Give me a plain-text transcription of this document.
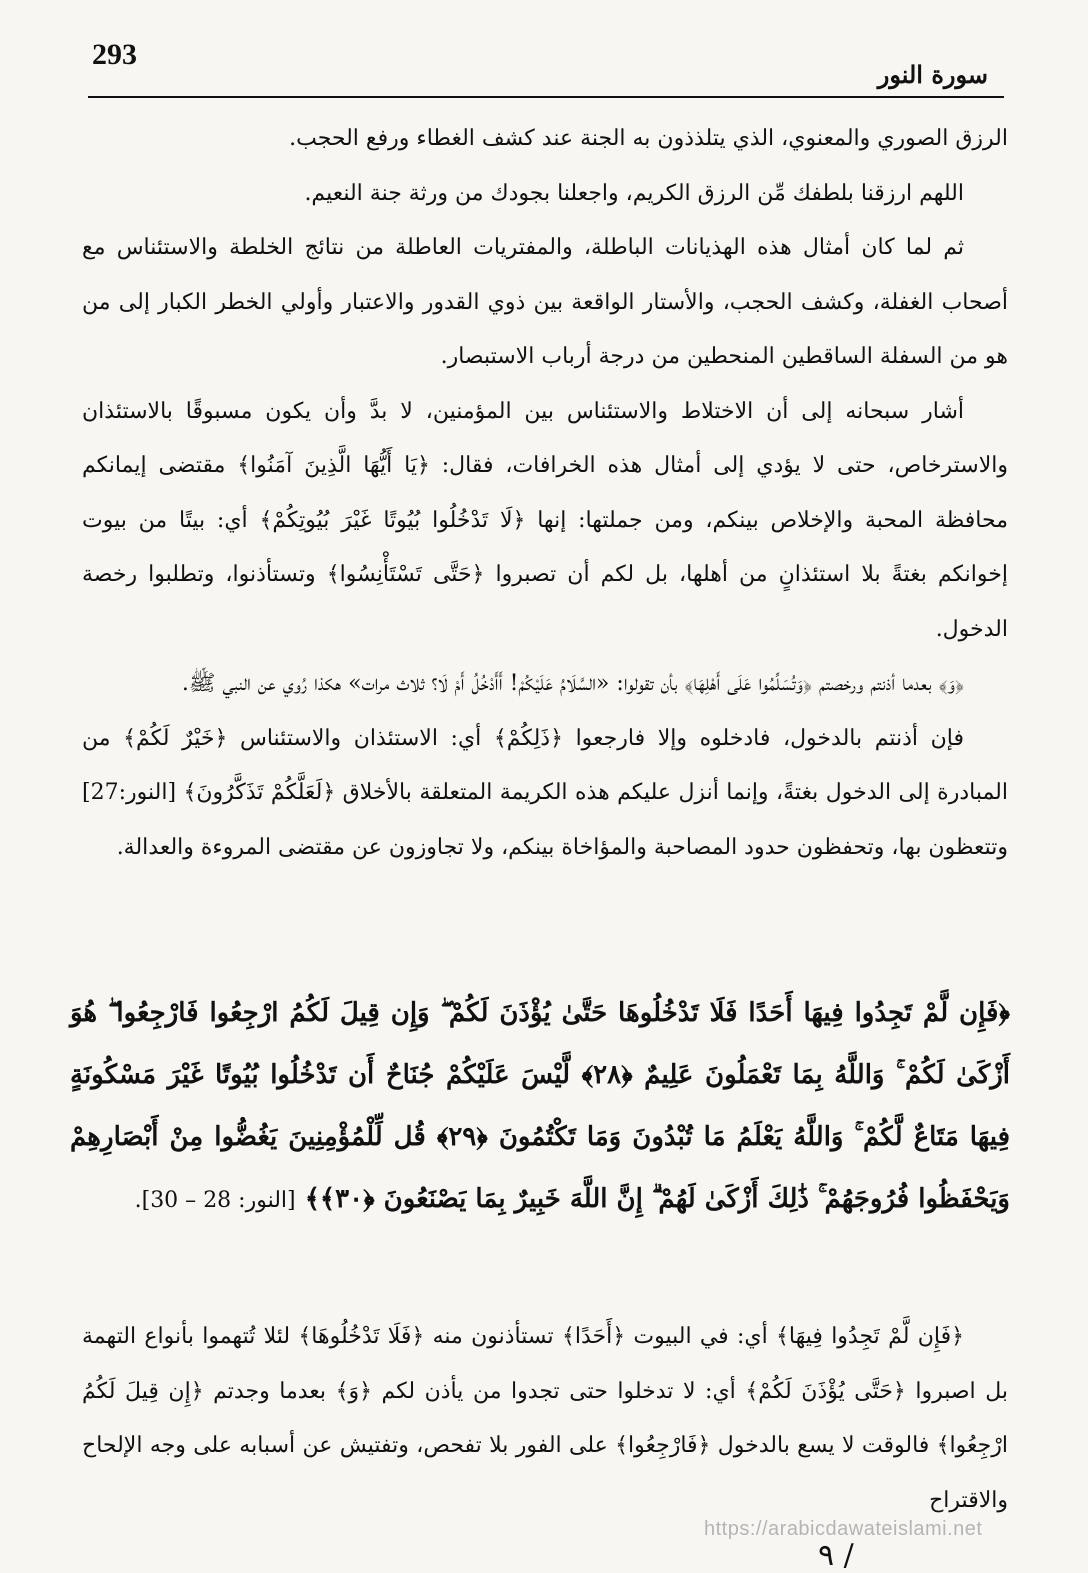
293
سورة النور

الرزق الصوري والمعنوي، الذي يتلذذون به الجنة عند كشف الغطاء ورفع الحجب.

اللهم ارزقنا بلطفك مِّن الرزق الكريم، واجعلنا بجودك من ورثة جنة النعيم.

ثم لما كان أمثال هذه الهذيانات الباطلة، والمفتريات العاطلة من نتائج الخلطة والاستئناس مع أصحاب الغفلة، وكشف الحجب، والأستار الواقعة بين ذوي القدور والاعتبار وأولي الخطر الكبار إلى من هو من السفلة الساقطين المنحطين من درجة أرباب الاستبصار.

أشار سبحانه إلى أن الاختلاط والاستئناس بين المؤمنين، لا بدَّ وأن يكون مسبوقًا بالاستئذان والاسترخاص، حتى لا يؤدي إلى أمثال هذه الخرافات، فقال: ﴿يَا أَيُّهَا الَّذِينَ آمَنُوا﴾ مقتضى إيمانكم محافظة المحبة والإخلاص بينكم، ومن جملتها: إنها ﴿لَا تَدْخُلُوا بُيُوتًا غَيْرَ بُيُوتِكُمْ﴾ أي: بيتًا من بيوت إخوانكم بغتةً بلا استئذانٍ من أهلها، بل لكم أن تصبروا ﴿حَتَّى تَسْتَأْنِسُوا﴾ وتستأذنوا، وتطلبوا رخصة الدخول.

﴿وَ﴾ بعدما أذنتم ورخصتم ﴿وَتُسَلِّمُوا عَلَى أَهْلِهَا﴾ بأن تقولوا: «السَّلَامُ عَلَيْكُمْ! أَأَدْخُلُ أَمْ لَا؟ ثلاث مرات» هكذا رُوي عن النبي ﷺ.

فإن أذنتم بالدخول، فادخلوه وإلا فارجعوا ﴿ذَلِكُمْ﴾ أي: الاستئذان والاستئناس ﴿خَيْرٌ لَكُمْ﴾ من المبادرة إلى الدخول بغتةً، وإنما أنزل عليكم هذه الكريمة المتعلقة بالأخلاق ﴿لَعَلَّكُمْ تَذَكَّرُونَ﴾ [النور:27] وتتعظون بها، وتحفظون حدود المصاحبة والمؤاخاة بينكم، ولا تجاوزون عن مقتضى المروءة والعدالة.

﴿فَإِن لَّمْ تَجِدُوا فِيهَا أَحَدًا فَلَا تَدْخُلُوهَا حَتَّىٰ يُؤْذَنَ لَكُمْ ۖ وَإِن قِيلَ لَكُمُ ارْجِعُوا فَارْجِعُوا ۖ هُوَ أَزْكَىٰ لَكُمْ ۚ وَاللَّهُ بِمَا تَعْمَلُونَ عَلِيمٌ ﴿٢٨﴾ لَّيْسَ عَلَيْكُمْ جُنَاحٌ أَن تَدْخُلُوا بُيُوتًا غَيْرَ مَسْكُونَةٍ فِيهَا مَتَاعٌ لَّكُمْ ۚ وَاللَّهُ يَعْلَمُ مَا تُبْدُونَ وَمَا تَكْتُمُونَ ﴿٢٩﴾ قُل لِّلْمُؤْمِنِينَ يَغُضُّوا مِنْ أَبْصَارِهِمْ وَيَحْفَظُوا فُرُوجَهُمْ ۚ ذَٰلِكَ أَزْكَىٰ لَهُمْ ۗ إِنَّ اللَّهَ خَبِيرٌ بِمَا يَصْنَعُونَ ﴿٣٠﴾﴾ [النور: 28 – 30].

﴿فَإِن لَّمْ تَجِدُوا فِيهَا﴾ أي: في البيوت ﴿أَحَدًا﴾ تستأذنون منه ﴿فَلَا تَدْخُلُوهَا﴾ لئلا تُتهموا بأنواع التهمة بل اصبروا ﴿حَتَّى يُؤْذَنَ لَكُمْ﴾ أي: لا تدخلوا حتى تجدوا من يأذن لكم ﴿وَ﴾ بعدما وجدتم ﴿إِن قِيلَ لَكُمُ ارْجِعُوا﴾ فالوقت لا يسع بالدخول ﴿فَارْجِعُوا﴾ على الفور بلا تفحص، وتفتيش عن أسبابه على وجه الإلحاح والاقتراح

https://arabicdawateislami.net
٩ /
